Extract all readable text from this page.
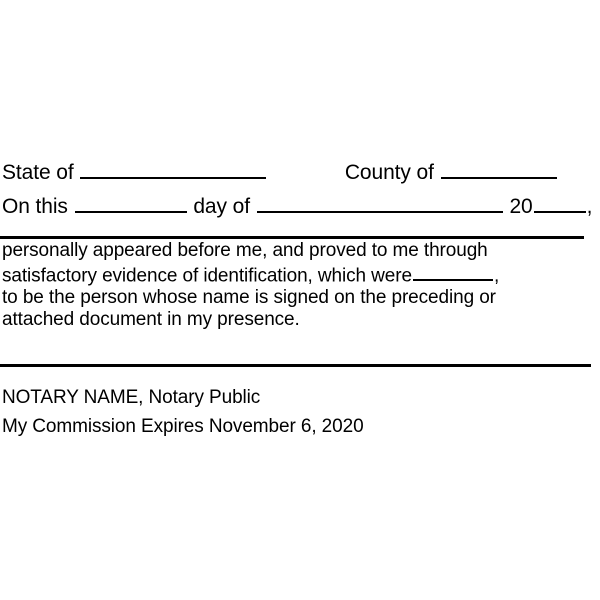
State of	County of
On this	day of	20	,
personally appeared before me, and proved to me through
satisfactory evidence of identification, which were	,
to be the person whose name is signed on the preceding or
attached document in my presence.
NOTARY NAME, Notary Public
My Commission Expires November 6, 2020
